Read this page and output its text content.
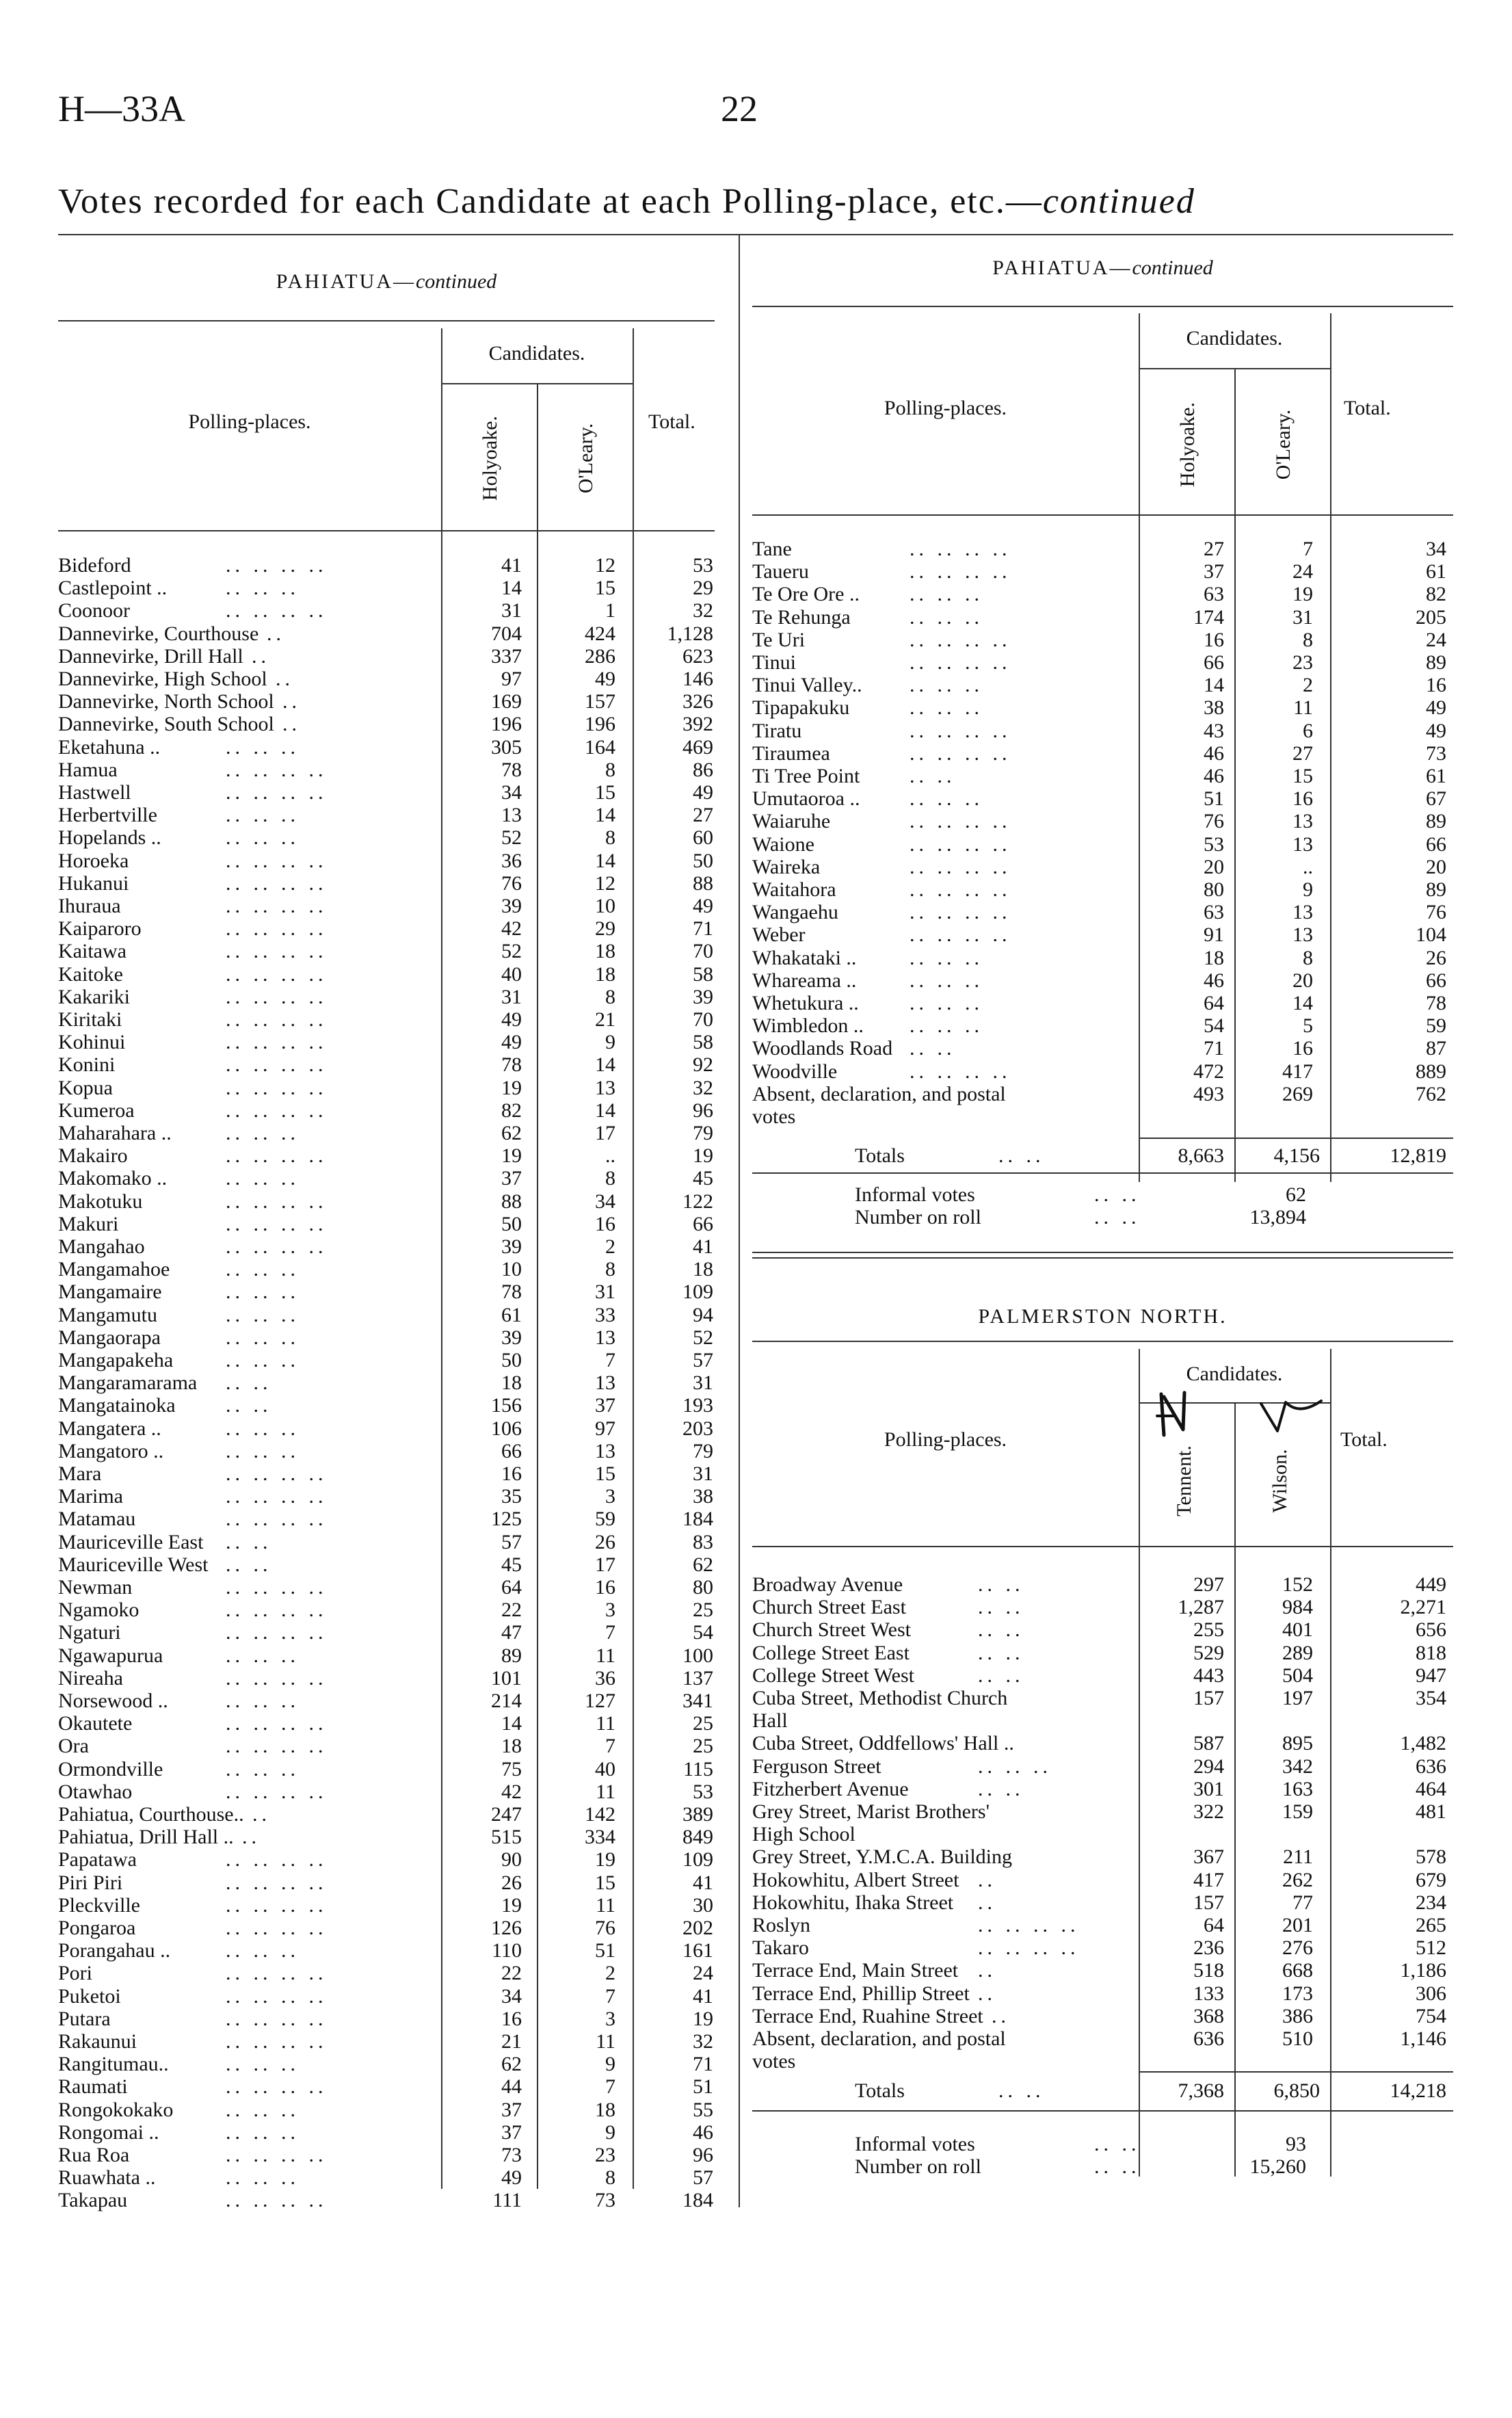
H—33A	22
Votes recorded for each Candidate at each Polling-place, etc.—continued
PAHIATUA—continued
Candidates.
Polling-places.	Holyoake.	O'Leary.
Total.
Bideford	.. .. .. ..	41	12	53
Castlepoint ..	.. .. ..	14	15	29
Coonoor	.. .. .. ..	31	1	32
Dannevirke, Courthouse ..	704	424	1,128
Dannevirke, Drill Hall ..	337	286	623
Dannevirke, High School ..	97	49	146
Dannevirke, North School ..	169	157	326
Dannevirke, South School ..	196	196	392
Eketahuna ..	.. .. ..	305	164	469
Hamua	.. .. .. ..	78	8	86
Hastwell	.. .. .. ..	34	15	49
Herbertville	.. .. ..	13	14	27
Hopelands ..	.. .. ..	52	8	60
Horoeka	.. .. .. ..	36	14	50
Hukanui	.. .. .. ..	76	12	88
Ihuraua	.. .. .. ..	39	10	49
Kaiparoro	.. .. .. ..	42	29	71
Kaitawa	.. .. .. ..	52	18	70
Kaitoke	.. .. .. ..	40	18	58
Kakariki	.. .. .. ..	31	8	39
Kiritaki	.. .. .. ..	49	21	70
Kohinui	.. .. .. ..	49	9	58
Konini	.. .. .. ..	78	14	92
Kopua	.. .. .. ..	19	13	32
Kumeroa	.. .. .. ..	82	14	96
Maharahara ..	.. .. ..	62	17	79
Makairo	.. .. .. ..	19	..	19
Makomako ..	.. .. ..	37	8	45
Makotuku	.. .. .. ..	88	34	122
Makuri	.. .. .. ..	50	16	66
Mangahao	.. .. .. ..	39	2	41
Mangamahoe	.. .. ..	10	8	18
Mangamaire	.. .. ..	78	31	109
Mangamutu	.. .. ..	61	33	94
Mangaorapa	.. .. ..	39	13	52
Mangapakeha	.. .. ..	50	7	57
Mangaramarama .. ..	18	13	31
Mangatainoka .. ..	156	37	193
Mangatera ..	.. .. ..	106	97	203
Mangatoro ..	.. .. ..	66	13	79
Mara	.. .. .. ..	16	15	31
Marima	.. .. .. ..	35	3	38
Matamau	.. .. .. ..	125	59	184
Mauriceville East .. ..	57	26	83
Mauriceville West .. ..	45	17	62
Newman	.. .. .. ..	64	16	80
Ngamoko	.. .. .. ..	22	3	25
Ngaturi	.. .. .. ..	47	7	54
Ngawapurua	.. .. ..	89	11	100
Nireaha	.. .. .. ..	101	36	137
Norsewood ..	.. .. ..	214	127	341
Okautete	.. .. .. ..	14	11	25
Ora	.. .. .. ..	18	7	25
Ormondville	.. .. ..	75	40	115
Otawhao	.. .. .. ..	42	11	53
Pahiatua, Courthouse.. ..	247	142	389
Pahiatua, Drill Hall .. ..	515	334	849
Papatawa	.. .. .. ..	90	19	109
Piri Piri	.. .. .. ..	26	15	41
Pleckville	.. .. .. ..	19	11	30
Pongaroa	.. .. .. ..	126	76	202
Porangahau ..	.. .. ..	110	51	161
Pori	.. .. .. ..	22	2	24
Puketoi	.. .. .. ..	34	7	41
Putara	.. .. .. ..	16	3	19
Rakaunui	.. .. .. ..	21	11	32
Rangitumau..	.. .. ..	62	9	71
Raumati	.. .. .. ..	44	7	51
Rongokokako	.. .. ..	37	18	55
Rongomai ..	.. .. ..	37	9	46
Rua Roa	.. .. .. ..	73	23	96
Ruawhata ..	.. .. ..	49	8	57
Takapau	.. .. .. ..	111	73	184
PAHIATUA—continued
Candidates.
Polling-places.	Holyoake.	O'Leary.
Total.
Tane	.. .. .. ..	27	7	34
Taueru	.. .. .. ..	37	24	61
Te Ore Ore .. .. .. ..	63	19	82
Te Rehunga	.. .. ..	174	31	205
Te Uri	.. .. .. ..	16	8	24
Tinui	.. .. .. ..	66	23	89
Tinui Valley.. .. .. ..	14	2	16
Tipapakuku	.. .. ..	38	11	49
Tiratu	.. .. .. ..	43	6	49
Tiraumea	.. .. .. ..	46	27	73
Ti Tree Point .. ..	46	15	61
Umutaoroa .. .. .. ..	51	16	67
Waiaruhe	.. .. .. ..	76	13	89
Waione	.. .. .. ..	53	13	66
Waireka	.. .. .. ..	20	..	20
Waitahora	.. .. .. ..	80	9	89
Wangaehu	.. .. .. ..	63	13	76
Weber	.. .. .. ..	91	13	104
Whakataki ..	.. .. ..	18	8	26
Whareama ..	.. .. ..	46	20	66
Whetukura .. .. .. ..	64	14	78
Wimbledon .. .. .. ..	54	5	59
Woodlands Road .. ..	71	16	87
Woodville	.. .. .. ..	472	417	889
Absent, declaration, and postal	493	269	762
votes
Totals	.. ..	8,663	4,156	12,819
Informal votes	.. ..	62
Number on roll	.. ..	13,894
PALMERSTON NORTH.
Candidates.
Polling-places.
Tennent.	Wilson.
Total.
Broadway Avenue	.. ..	297	152	449
Church Street East	.. ..	1,287	984	2,271
Church Street West	.. ..	255	401	656
College Street East	.. ..	529	289	818
College Street West	.. ..	443	504	947
Cuba Street, Methodist Church	157	197	354
Hall
Cuba Street, Oddfellows' Hall ..	587	895	1,482
Ferguson Street	.. .. ..	294	342	636
Fitzherbert Avenue	.. ..	301	163	464
Grey Street, Marist Brothers'	322	159	481
High School
Grey Street, Y.M.C.A. Building	367	211	578
Hokowhitu, Albert Street ..	417	262	679
Hokowhitu, Ihaka Street ..	157	77	234
Roslyn	.. .. .. ..	64	201	265
Takaro	.. .. .. ..	236	276	512
Terrace End, Main Street ..	518	668	1,186
Terrace End, Phillip Street ..	133	173	306
Terrace End, Ruahine Street ..	368	386	754
Absent, declaration, and postal	636	510	1,146
votes
Totals	.. ..	7,368	6,850	14,218
Informal votes	.. ..	93
Number on roll	.. ..	15,260
